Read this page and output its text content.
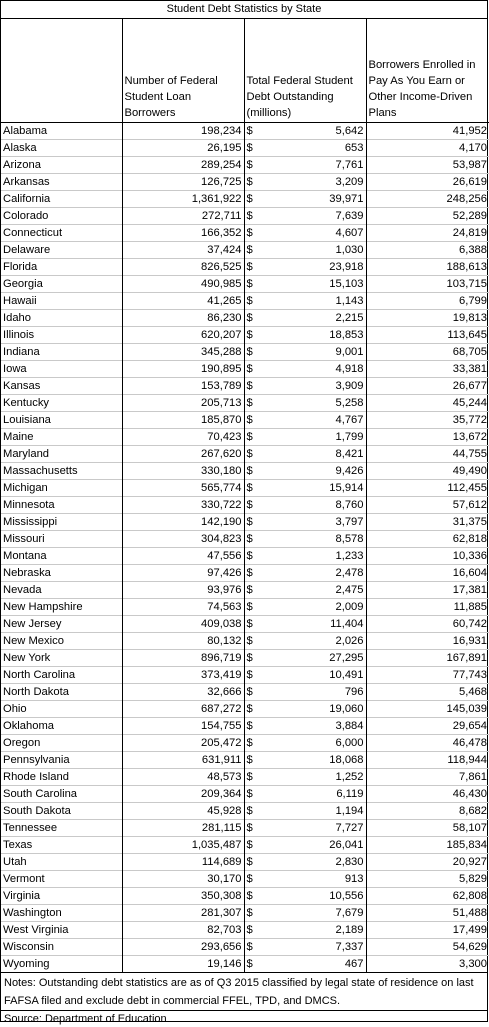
Student Debt Statistics by State
	Number of Federal Student Loan Borrowers	Total Federal Student Debt Outstanding (millions)	Borrowers Enrolled in Pay As You Earn or Other Income-Driven Plans
Alabama	198,234	$ 5,642	41,952
Alaska	26,195	$ 653	4,170
Arizona	289,254	$ 7,761	53,987
Arkansas	126,725	$ 3,209	26,619
California	1,361,922	$ 39,971	248,256
Colorado	272,711	$ 7,639	52,289
Connecticut	166,352	$ 4,607	24,819
Delaware	37,424	$ 1,030	6,388
Florida	826,525	$ 23,918	188,613
Georgia	490,985	$ 15,103	103,715
Hawaii	41,265	$ 1,143	6,799
Idaho	86,230	$ 2,215	19,813
Illinois	620,207	$ 18,853	113,645
Indiana	345,288	$ 9,001	68,705
Iowa	190,895	$ 4,918	33,381
Kansas	153,789	$ 3,909	26,677
Kentucky	205,713	$ 5,258	45,244
Louisiana	185,870	$ 4,767	35,772
Maine	70,423	$ 1,799	13,672
Maryland	267,620	$ 8,421	44,755
Massachusetts	330,180	$ 9,426	49,490
Michigan	565,774	$ 15,914	112,455
Minnesota	330,722	$ 8,760	57,612
Mississippi	142,190	$ 3,797	31,375
Missouri	304,823	$ 8,578	62,818
Montana	47,556	$ 1,233	10,336
Nebraska	97,426	$ 2,478	16,604
Nevada	93,976	$ 2,475	17,381
New Hampshire	74,563	$ 2,009	11,885
New Jersey	409,038	$ 11,404	60,742
New Mexico	80,132	$ 2,026	16,931
New York	896,719	$ 27,295	167,891
North Carolina	373,419	$ 10,491	77,743
North Dakota	32,666	$ 796	5,468
Ohio	687,272	$ 19,060	145,039
Oklahoma	154,755	$ 3,884	29,654
Oregon	205,472	$ 6,000	46,478
Pennsylvania	631,911	$ 18,068	118,944
Rhode Island	48,573	$ 1,252	7,861
South Carolina	209,364	$ 6,119	46,430
South Dakota	45,928	$ 1,194	8,682
Tennessee	281,115	$ 7,727	58,107
Texas	1,035,487	$ 26,041	185,834
Utah	114,689	$ 2,830	20,927
Vermont	30,170	$ 913	5,829
Virginia	350,308	$ 10,556	62,808
Washington	281,307	$ 7,679	51,488
West Virginia	82,703	$ 2,189	17,499
Wisconsin	293,656	$ 7,337	54,629
Wyoming	19,146	$ 467	3,300
Notes: Outstanding debt statistics are as of Q3 2015 classified by legal state of residence on last FAFSA filed and exclude debt in commercial FFEL, TPD, and DMCS.
Source: Department of Education
